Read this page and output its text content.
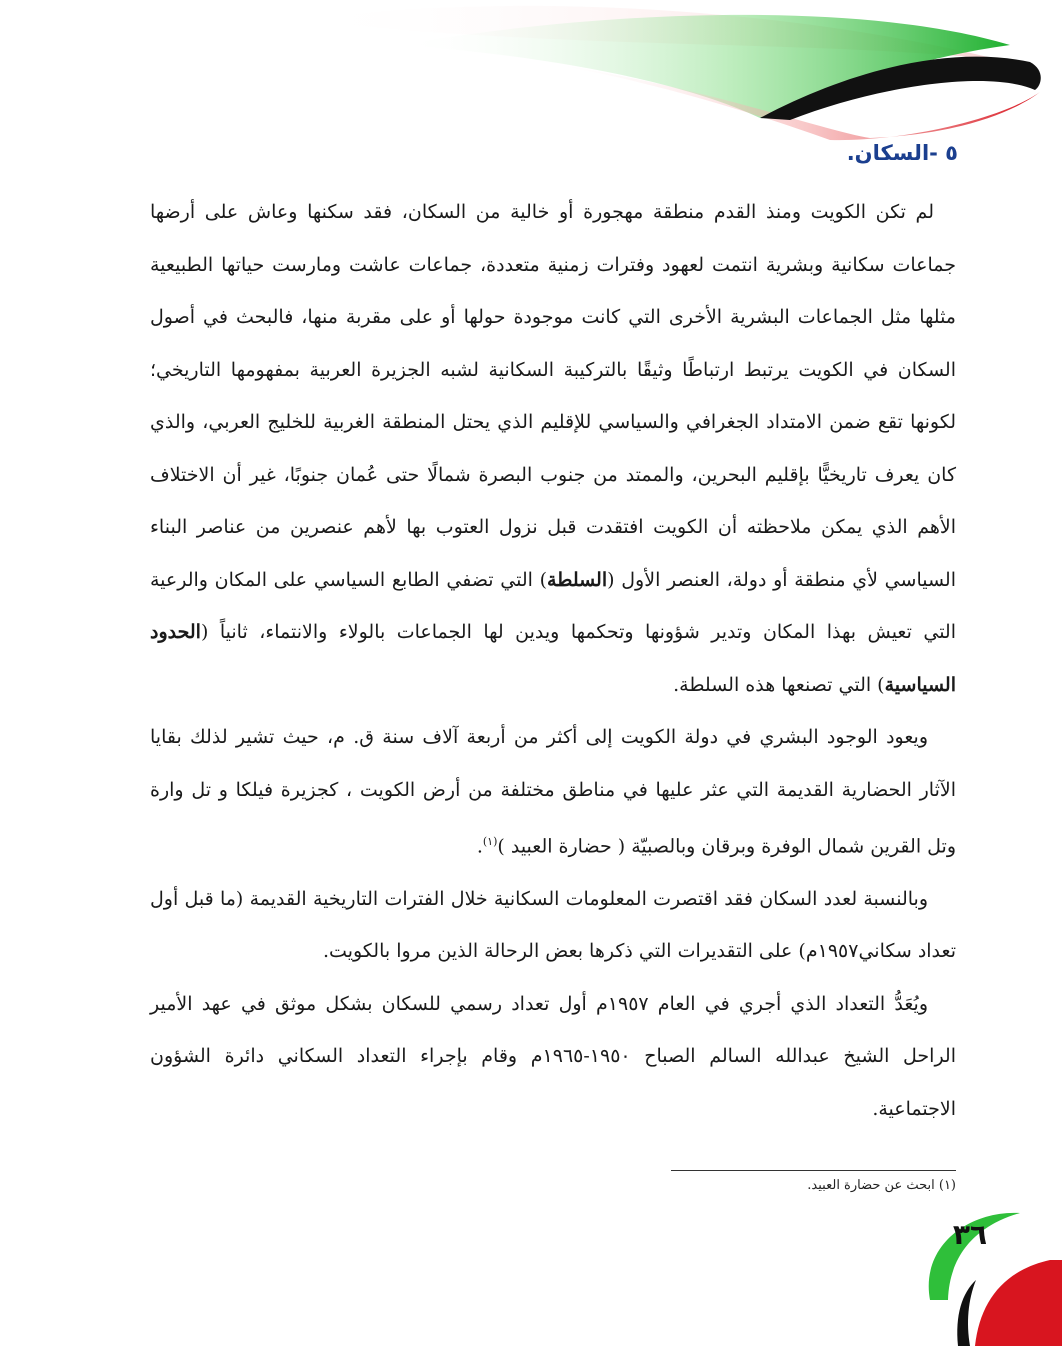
٥ -السكان.

لم تكن الكويت ومنذ القدم منطقة مهجورة أو خالية من السكان، فقد سكنها وعاش على أرضها جماعات سكانية وبشرية انتمت لعهود وفترات زمنية متعددة، جماعات عاشت ومارست حياتها الطبيعية مثلها مثل الجماعات البشرية الأخرى التي كانت موجودة حولها أو على مقربة منها، فالبحث في أصول السكان في الكويت يرتبط ارتباطًا وثيقًا بالتركيبة السكانية لشبه الجزيرة العربية بمفهومها التاريخي؛ لكونها تقع ضمن الامتداد الجغرافي والسياسي للإقليم الذي يحتل المنطقة الغربية للخليج العربي، والذي كان يعرف تاريخيًّا بإقليم البحرين، والممتد من جنوب البصرة شمالًا حتى عُمان جنوبًا، غير أن الاختلاف الأهم الذي يمكن ملاحظته أن الكويت افتقدت قبل نزول العتوب بها لأهم عنصرين من عناصر البناء السياسي لأي منطقة أو دولة، العنصر الأول (السلطة) التي تضفي الطابع السياسي على المكان والرعية التي تعيش بهذا المكان وتدير شؤونها وتحكمها ويدين لها الجماعات بالولاء والانتماء، ثانياً (الحدود السياسية) التي تصنعها هذه السلطة.

ويعود الوجود البشري في دولة الكويت إلى أكثر من أربعة آلاف سنة ق. م، حيث تشير لذلك بقايا الآثار الحضارية القديمة التي عثر عليها في مناطق مختلفة من أرض الكويت ، كجزيرة فيلكا و تل وارة وتل القرين شمال الوفرة وبرقان وبالصبيّة ( حضارة العبيد )$^{(١)}$.

وبالنسبة لعدد السكان فقد اقتصرت المعلومات السكانية خلال الفترات التاريخية القديمة (ما قبل أول تعداد سكاني١٩٥٧م) على التقديرات التي ذكرها بعض الرحالة الذين مروا بالكويت.

ويُعَدُّ التعداد الذي أجري في العام ١٩٥٧م أول تعداد رسمي للسكان بشكل موثق في عهد الأمير الراحل الشيخ عبدالله السالم الصباح ١٩٥٠-١٩٦٥م وقام بإجراء التعداد السكاني دائرة الشؤون الاجتماعية.

(١) ابحث عن حضارة العبيد.

٣٦
